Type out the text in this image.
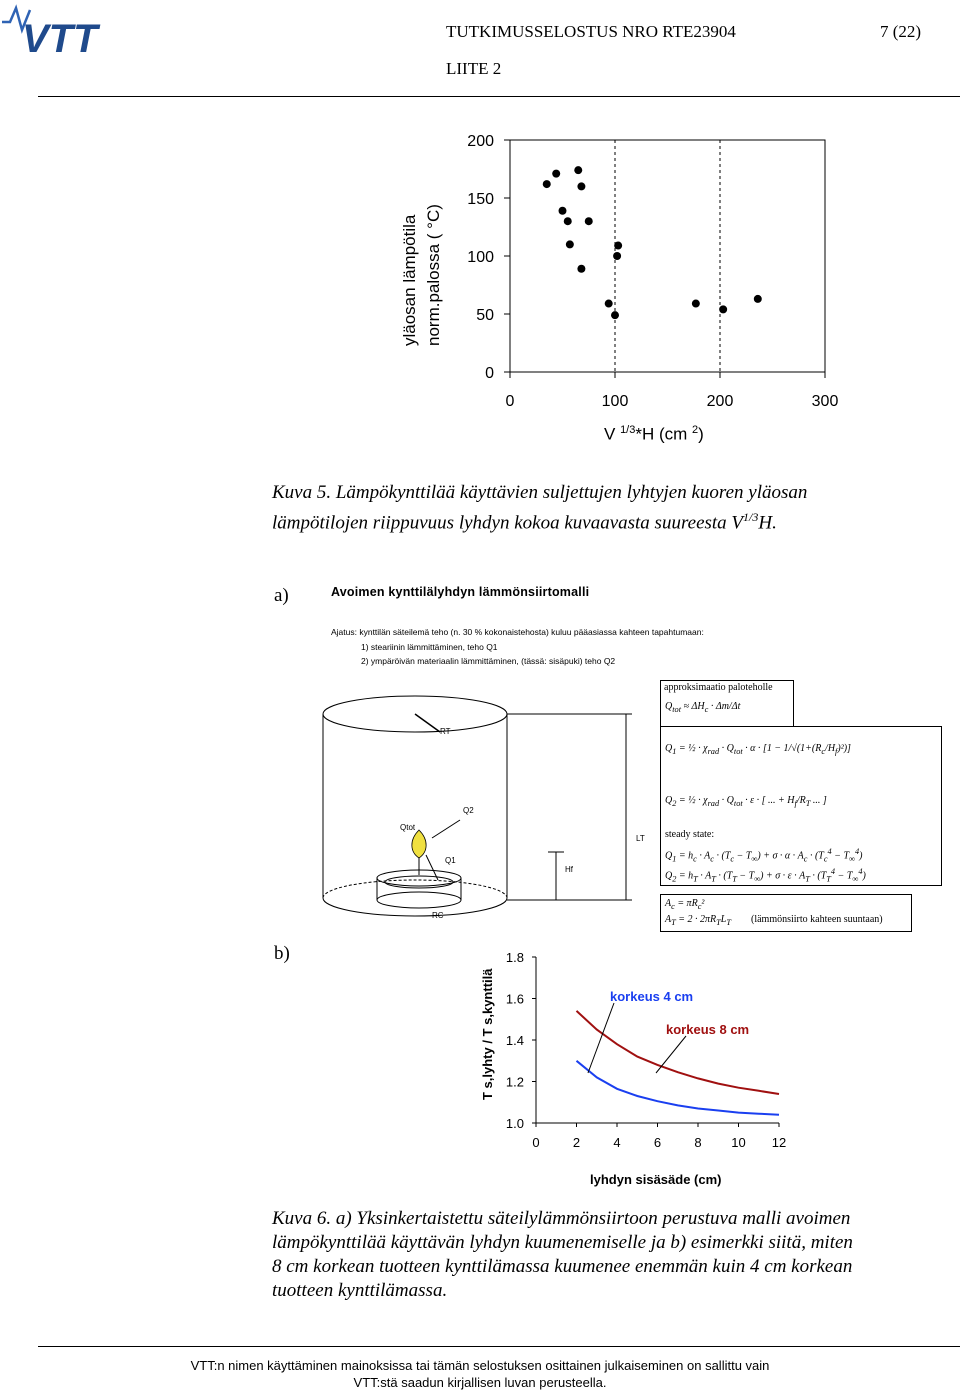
VTT	TUTKIMUSSELOSTUS NRO RTE23904	7 (22)
LIITE 2
yläosan lämpötila norm.palossa ( °C)
0
50
100
150
200
0	100	200	300
V $^{1/3}$*H (cm $^2$)
Kuva 5. Lämpökynttilää käyttävien suljettujen lyhtyjen kuoren yläosan
lämpötilojen riippuvuus lyhdyn kokoa kuvaavasta suureesta $V^{1/3}H$.
a)	Avoimen kynttilälyhdyn lämmönsiirtomalli
Ajatus: kynttilän säteilemä teho (n. 30 % kokonaistehosta) kuluu pääasiassa kahteen tapahtumaan:
1) steariinin lämmittäminen, teho Q1
2) ympäröivän materiaalin lämmittäminen, (tässä: sisäpuki) teho Q2
RT
Q2
Qtot
Q1
LT
Hf
RC
approksimaatio paloteholle
$Q_{tot} \approx \Delta H_c \cdot \Delta m/\Delta t$
$Q_1$ = ½ · $\chi_{rad} \cdot Q_{tot} \cdot \alpha \cdot [1 - 1/√(1+(R_c/H_f)^2)]$
$Q_2$ = ½ · $\chi_{rad} \cdot Q_{tot} \cdot \varepsilon$ · [ ... + $H_f/R_T$ ... ]
steady state:
$Q_1 = h_c \cdot A_c \cdot (T_c - T_\infty) + \sigma \cdot \alpha \cdot A_c \cdot (T_c^4 - T_\infty^4)$
$Q_2 = h_T \cdot A_T \cdot (T_T - T_\infty) + \sigma \cdot \varepsilon \cdot A_T \cdot (T_T^4 - T_\infty^4)$
$A_c = \pi R_c^2$
$A_T = 2 \cdot 2\pi R_TL_T$ (lämmönsiirto kahteen suuntaan)
b)
T s,lyhty / T s,kynttilä
1.0
1.2
1.4
1.6
1.8
0	2	4	6	8 10 12
korkeus 4 cm
korkeus 8 cm
lyhdyn sisäsäde (cm)
Kuva 6. a) Yksinkertaistettu säteilylämmönsiirtoon perustuva malli avoimen
lämpökynttilää käyttävän lyhdyn kuumenemiselle ja b) esimerkki siitä, miten
8 cm korkean tuotteen kynttilämassa kuumenee enemmän kuin 4 cm korkean
tuotteen kynttilämassa.
VTT:n nimen käyttäminen mainoksissa tai tämän selostuksen osittainen julkaiseminen on sallittu vain
VTT:stä saadun kirjallisen luvan perusteella.
